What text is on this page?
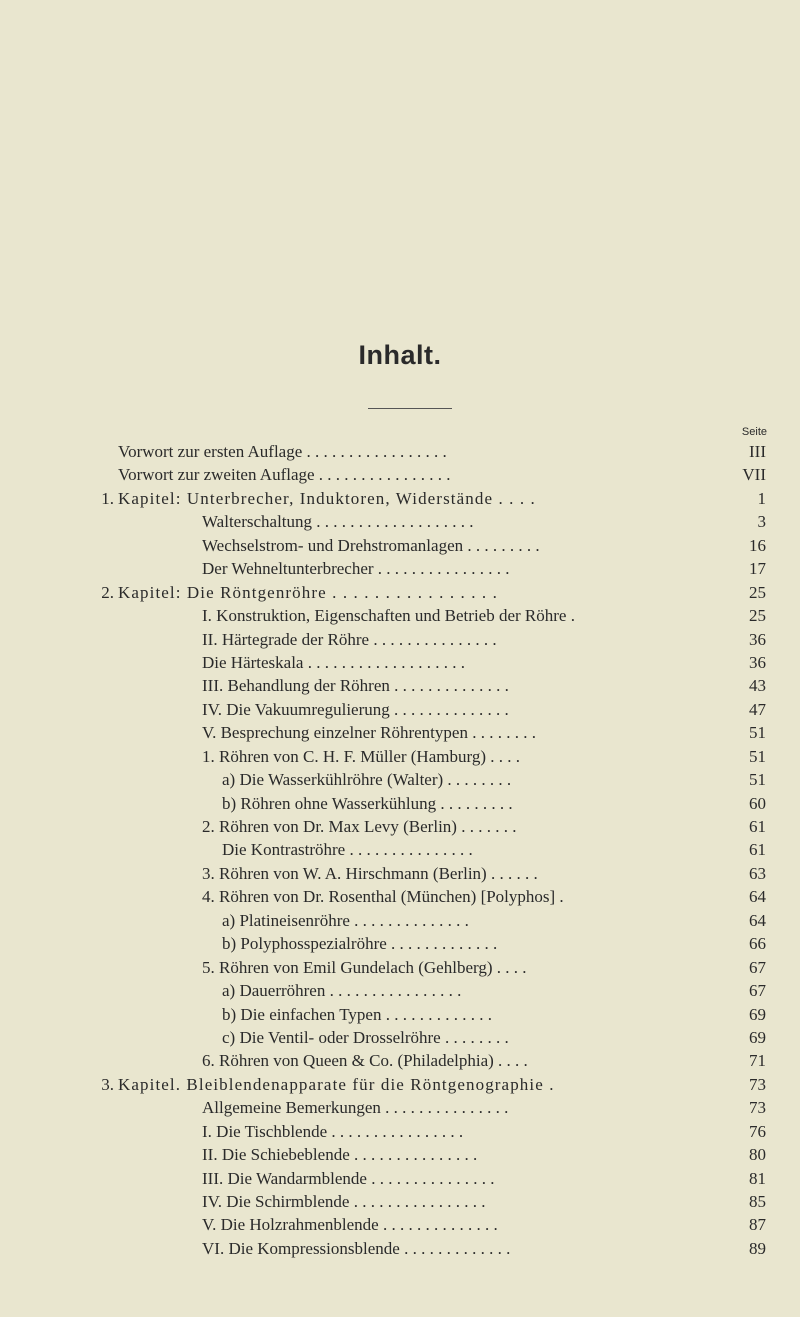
Inhalt.
Seite
Vorwort zur ersten Auflage . . . . . . . . . . . . . . . . .	III
Vorwort zur zweiten Auflage . . . . . . . . . . . . . . . .	VII
1. Kapitel: Unterbrecher, Induktoren, Widerstände . . . .	1
Walterschaltung . . . . . . . . . . . . . . . . . . .	3
Wechselstrom- und Drehstromanlagen . . . . . . . . .	16
Der Wehneltunterbrecher . . . . . . . . . . . . . . . .	17
2. Kapitel: Die Röntgenröhre . . . . . . . . . . . . . . . .	25
I. Konstruktion, Eigenschaften und Betrieb der Röhre .	25
II. Härtegrade der Röhre . . . . . . . . . . . . . . .	36
Die Härteskala . . . . . . . . . . . . . . . . . . .	36
III. Behandlung der Röhren . . . . . . . . . . . . . .	43
IV. Die Vakuumregulierung . . . . . . . . . . . . . .	47
V. Besprechung einzelner Röhrentypen . . . . . . . .	51
1. Röhren von C. H. F. Müller (Hamburg) . . . .	51
a) Die Wasserkühlröhre (Walter) . . . . . . . .	51
b) Röhren ohne Wasserkühlung . . . . . . . . .	60
2. Röhren von Dr. Max Levy (Berlin) . . . . . . .	61
Die Kontraströhre . . . . . . . . . . . . . . .	61
3. Röhren von W. A. Hirschmann (Berlin) . . . . . .	63
4. Röhren von Dr. Rosenthal (München) [Polyphos] .	64
a) Platineisenröhre . . . . . . . . . . . . . .	64
b) Polyphosspezialröhre . . . . . . . . . . . . .	66
5. Röhren von Emil Gundelach (Gehlberg) . . . .	67
a) Dauerröhren . . . . . . . . . . . . . . . .	67
b) Die einfachen Typen . . . . . . . . . . . . .	69
c) Die Ventil- oder Drosselröhre . . . . . . . .	69
6. Röhren von Queen & Co. (Philadelphia) . . . .	71
3. Kapitel. Bleiblendenapparate für die Röntgenographie .	73
Allgemeine Bemerkungen . . . . . . . . . . . . . . .	73
I. Die Tischblende . . . . . . . . . . . . . . . .	76
II. Die Schiebeblende . . . . . . . . . . . . . . .	80
III. Die Wandarmblende . . . . . . . . . . . . . . .	81
IV. Die Schirmblende . . . . . . . . . . . . . . . .	85
V. Die Holzrahmenblende . . . . . . . . . . . . . .	87
VI. Die Kompressionsblende . . . . . . . . . . . . .	89
